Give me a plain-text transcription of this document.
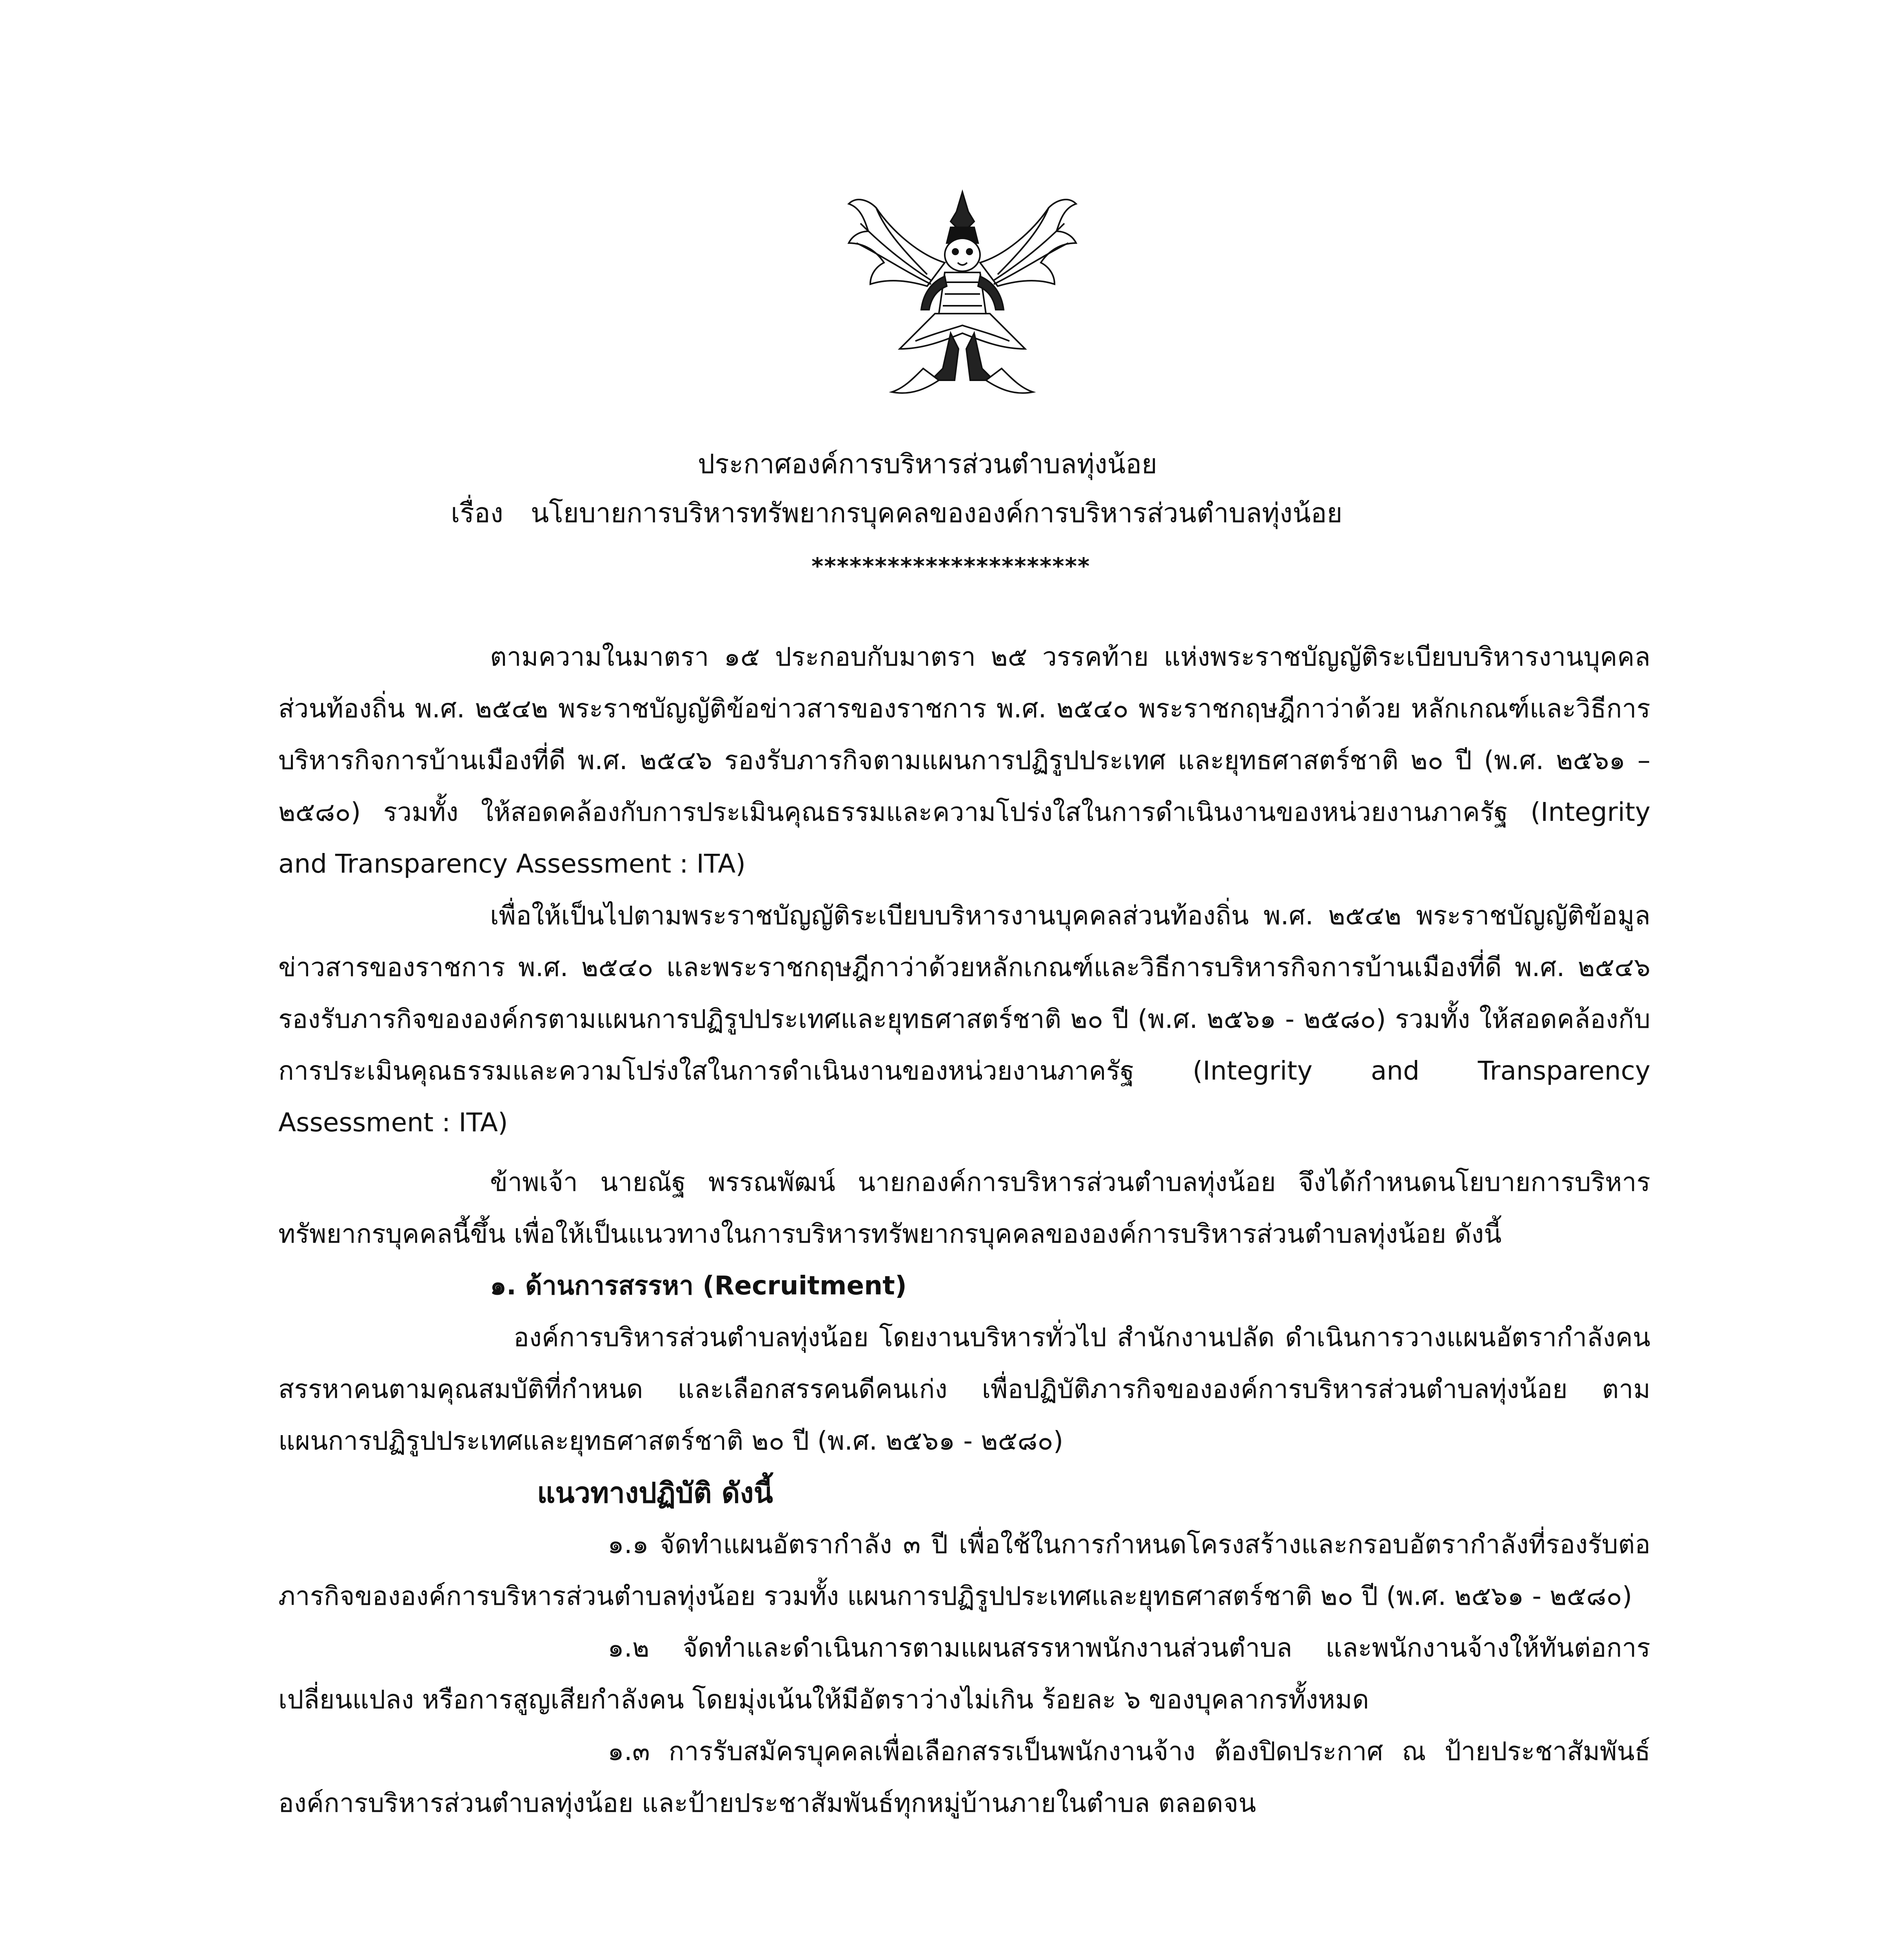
ประกาศองค์การบริหารส่วนตำบลทุ่งน้อย
เรื่อง นโยบายการบริหารทรัพยากรบุคคลขององค์การบริหารส่วนตำบลทุ่งน้อย
**********************

ตามความในมาตรา ๑๕ ประกอบกับมาตรา ๒๕ วรรคท้าย แห่งพระราชบัญญัติระเบียบบริหารงานบุคคลส่วนท้องถิ่น พ.ศ. ๒๕๔๒ พระราชบัญญัติข้อข่าวสารของราชการ พ.ศ. ๒๕๔๐ พระราชกฤษฎีกาว่าด้วย หลักเกณฑ์และวิธีการบริหารกิจการบ้านเมืองที่ดี พ.ศ. ๒๕๔๖ รองรับภารกิจตามแผนการปฏิรูปประเทศ และยุทธศาสตร์ชาติ ๒๐ ปี (พ.ศ. ๒๕๖๑ – ๒๕๘๐) รวมทั้ง ให้สอดคล้องกับการประเมินคุณธรรมและความโปร่งใสในการดำเนินงานของหน่วยงานภาครัฐ (Integrity and Transparency Assessment : ITA)

เพื่อให้เป็นไปตามพระราชบัญญัติระเบียบบริหารงานบุคคลส่วนท้องถิ่น พ.ศ. ๒๕๔๒ พระราชบัญญัติข้อมูลข่าวสารของราชการ พ.ศ. ๒๕๔๐ และพระราชกฤษฎีกาว่าด้วยหลักเกณฑ์และวิธีการบริหารกิจการบ้านเมืองที่ดี พ.ศ. ๒๕๔๖ รองรับภารกิจขององค์กรตามแผนการปฏิรูปประเทศและยุทธศาสตร์ชาติ ๒๐ ปี (พ.ศ. ๒๕๖๑ - ๒๕๘๐) รวมทั้ง ให้สอดคล้องกับการประเมินคุณธรรมและความโปร่งใสในการดำเนินงานของหน่วยงานภาครัฐ (Integrity and Transparency Assessment : ITA)

ข้าพเจ้า นายณัฐ พรรณพัฒน์ นายกองค์การบริหารส่วนตำบลทุ่งน้อย จึงได้กำหนดนโยบายการบริหารทรัพยากรบุคคลนี้ขึ้น เพื่อให้เป็นแนวทางในการบริหารทรัพยากรบุคคลขององค์การบริหารส่วนตำบลทุ่งน้อย ดังนี้

๑. ด้านการสรรหา (Recruitment)

องค์การบริหารส่วนตำบลทุ่งน้อย โดยงานบริหารทั่วไป สำนักงานปลัด ดำเนินการวางแผนอัตรากำลังคน สรรหาคนตามคุณสมบัติที่กำหนด และเลือกสรรคนดีคนเก่ง เพื่อปฏิบัติภารกิจขององค์การบริหารส่วนตำบลทุ่งน้อย ตามแผนการปฏิรูปประเทศและยุทธศาสตร์ชาติ ๒๐ ปี (พ.ศ. ๒๕๖๑ - ๒๕๘๐)

แนวทางปฏิบัติ ดังนี้

๑.๑ จัดทำแผนอัตรากำลัง ๓ ปี เพื่อใช้ในการกำหนดโครงสร้างและกรอบอัตรากำลังที่รองรับต่อภารกิจขององค์การบริหารส่วนตำบลทุ่งน้อย รวมทั้ง แผนการปฏิรูปประเทศและยุทธศาสตร์ชาติ ๒๐ ปี (พ.ศ. ๒๕๖๑ - ๒๕๘๐)

๑.๒ จัดทำและดำเนินการตามแผนสรรหาพนักงานส่วนตำบล และพนักงานจ้างให้ทันต่อการเปลี่ยนแปลง หรือการสูญเสียกำลังคน โดยมุ่งเน้นให้มีอัตราว่างไม่เกิน ร้อยละ ๖ ของบุคลากรทั้งหมด

๑.๓ การรับสมัครบุคคลเพื่อเลือกสรรเป็นพนักงานจ้าง ต้องปิดประกาศ ณ ป้ายประชาสัมพันธ์องค์การบริหารส่วนตำบลทุ่งน้อย และป้ายประชาสัมพันธ์ทุกหมู่บ้านภายในตำบล ตลอดจน
